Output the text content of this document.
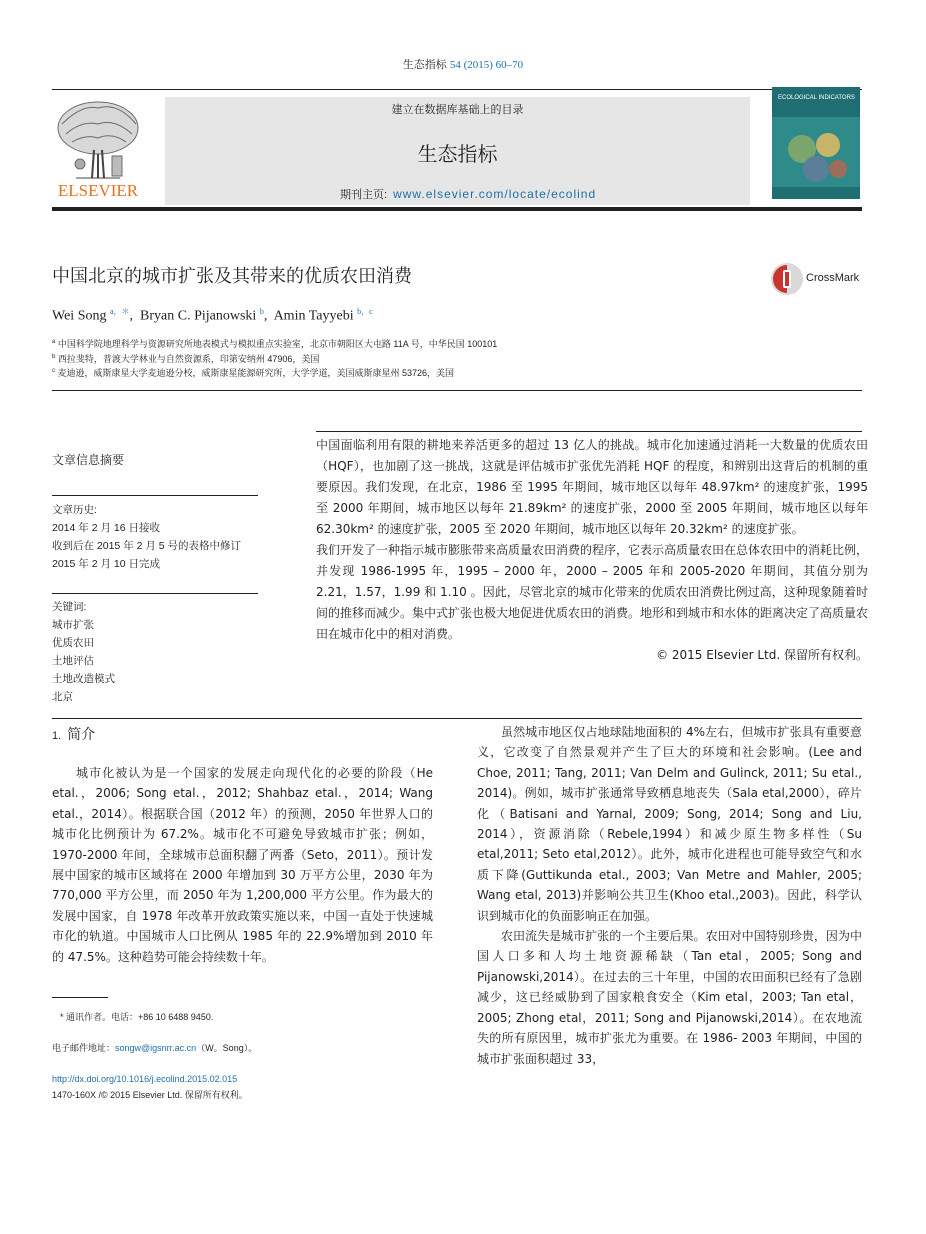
生态指标 54 (2015) 60–70
ELSEVIER
建立在数据库基础上的目录
生态指标
期刊主页: www.elsevier.com/locate/ecolind
ECOLOGICAL INDICATORS
中国北京的城市扩张及其带来的优质农田消费	CrossMark
Wei Song $^{a,*}$,  Bryan C. Pijanowski $^b$,  Amin Tayyebi $^{b,c}$
$^a$ 中国科学院地理科学与资源研究所地表模式与模拟重点实验室，北京市朝阳区大屯路 11A 号，中华民国 100101
$^b$ 西拉斐特，普渡大学林业与自然资源系，印第安纳州 47906，美国
$^c$ 麦迪逊，威斯康星大学麦迪逊分校，威斯康星能源研究所，大学学道，美国威斯康星州 53726，美国
文章信息摘要
文章历史:
2014 年 2 月 16 日接收
收到后在 2015 年 2 月 5 号的表格中修订
2015 年 2 月 10 日完成
关键词:
城市扩张
优质农田
土地评估
土地改造模式
北京

中国面临利用有限的耕地来养活更多的超过 13 亿人的挑战。城市化加速通过消耗一大数量的优质农田（HQF），也加剧了这一挑战，这就是评估城市扩张优先消耗 HQF 的程度，和辨别出这背后的机制的重要原因。我们发现，在北京，1986 至 1995 年期间，城市地区以每年 48.97km² 的速度扩张，1995 至 2000 年期间，城市地区以每年 21.89km² 的速度扩张，2000 至 2005 年期间，城市地区以每年 62.30km² 的速度扩张，2005 至 2020 年期间，城市地区以每年 20.32km² 的速度扩张。

我们开发了一种指示城市膨胀带来高质量农田消费的程序，它表示高质量农田在总体农田中的消耗比例，并发现 1986-1995 年，1995 – 2000 年，2000 – 2005 年和 2005-2020 年期间，其值分别为 2.21，1.57，1.99 和 1.10 。因此，尽管北京的城市化带来的优质农田消费比例过高，这种现象随着时间的推移而减少。集中式扩张也极大地促进优质农田的消费。地形和到城市和水体的距离决定了高质量农田在城市化中的相对消费。

© 2015 Elsevier Ltd. 保留所有权利。

1. 简介

城市化被认为是一个国家的发展走向现代化的必要的阶段（He etal.，2006; Song etal.，2012; Shahbaz etal.，2014; Wang etal.，2014）。根据联合国（2012 年）的预测，2050 年世界人口的城市化比例预计为 67.2%。城市化不可避免导致城市扩张；例如，1970-2000 年间，全球城市总面积翻了两番（Seto，2011）。预计发展中国家的城市区域将在 2000 年增加到 30 万平方公里，2030 年为 770,000 平方公里，而 2050 年为 1,200,000 平方公里。作为最大的发展中国家，自 1978 年改革开放政策实施以来，中国一直处于快速城市化的轨道。中国城市人口比例从 1985 年的 22.9%增加到 2010 年的 47.5%。这种趋势可能会持续数十年。

虽然城市地区仅占地球陆地面积的 4%左右，但城市扩张具有重要意义，它改变了自然景观并产生了巨大的环境和社会影响。(Lee and Choe, 2011; Tang, 2011; Van Delm and Gulinck, 2011; Su etal., 2014)。例如，城市扩张通常导致栖息地丧失（Sala etal,2000），碎片化（Batisani and Yarnal, 2009; Song, 2014; Song and Liu, 2014），资源消除（Rebele,1994）和减少原生物多样性（Su etal,2011; Seto etal,2012）。此外，城市化进程也可能导致空气和水质下降(Guttikunda etal., 2003; Van Metre and Mahler, 2005; Wang etal, 2013)并影响公共卫生(Khoo etal.,2003)。因此，科学认识到城市化的负面影响正在加强。

农田流失是城市扩张的一个主要后果。农田对中国特别珍贵，因为中国人口多和人均土地资源稀缺（Tan etal，2005; Song and Pijanowski,2014）。在过去的三十年里，中国的农田面积已经有了急剧减少，这已经威胁到了国家粮食安全（Kim etal，2003; Tan etal，2005; Zhong etal，2011; Song and Pijanowski,2014）。在农地流失的所有原因里，城市扩张尤为重要。在 1986- 2003 年期间，中国的城市扩张面积超过 33，

* 通讯作者。电话：+86 10 6488 9450.
电子邮件地址：songw@igsnrr.ac.cn（W。Song）。
http://dx.doi.org/10.1016/j.ecolind.2015.02.015
1470-160X /© 2015 Elsevier Ltd. 保留所有权利。
